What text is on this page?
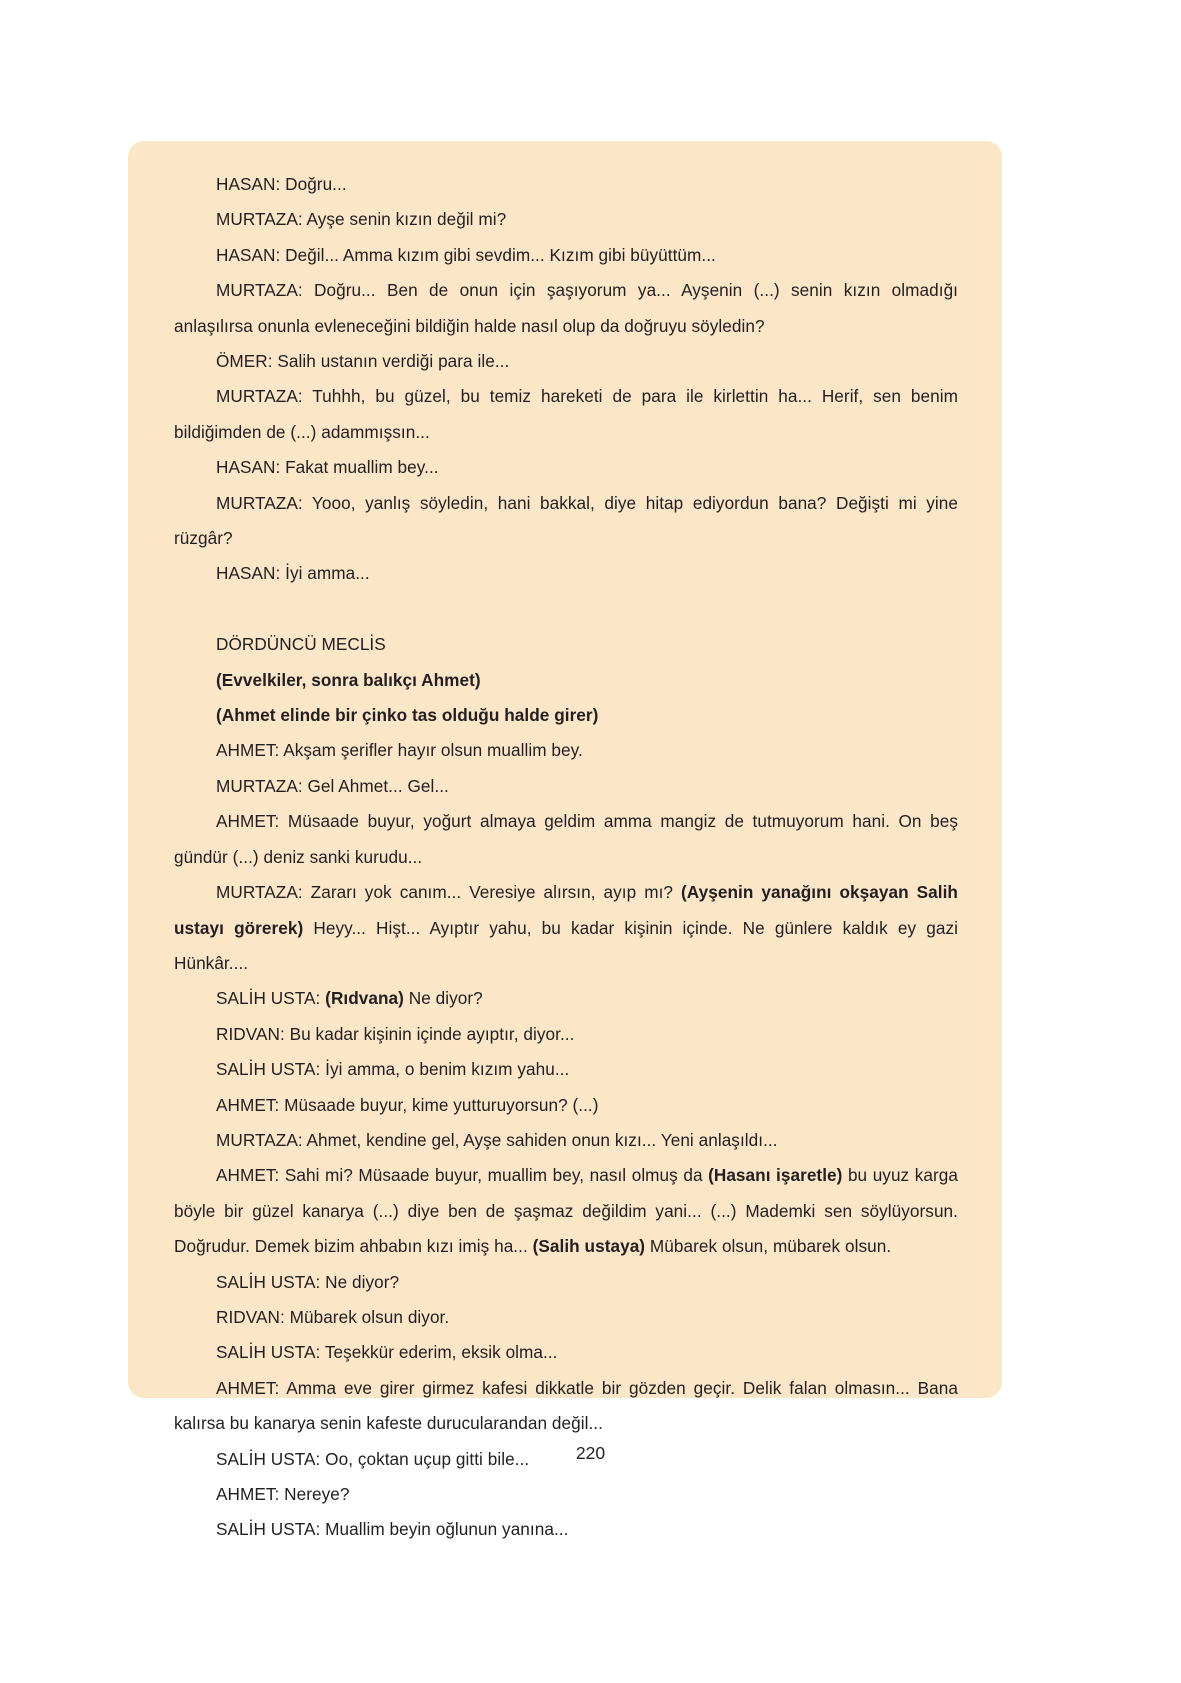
HASAN: Doğru...

MURTAZA: Ayşe senin kızın değil mi?

HASAN: Değil... Amma kızım gibi sevdim... Kızım gibi büyüttüm...

MURTAZA: Doğru... Ben de onun için şaşıyorum ya... Ayşenin (...) senin kızın olmadığı anlaşılırsa onunla evleneceğini bildiğin halde nasıl olup da doğruyu söyledin?

ÖMER: Salih ustanın verdiği para ile...

MURTAZA: Tuhhh, bu güzel, bu temiz hareketi de para ile kirlettin ha... Herif, sen benim bildiğimden de (...) adammışsın...

HASAN: Fakat muallim bey...

MURTAZA: Yooo, yanlış söyledin, hani bakkal, diye hitap ediyordun bana? Değişti mi yine rüzgâr?

HASAN: İyi amma...

DÖRDÜNCÜ MECLİS

(Evvelkiler, sonra balıkçı Ahmet)

(Ahmet elinde bir çinko tas olduğu halde girer)

AHMET: Akşam şerifler hayır olsun muallim bey.

MURTAZA: Gel Ahmet... Gel...

AHMET: Müsaade buyur, yoğurt almaya geldim amma mangiz de tutmuyorum hani. On beş gündür (...) deniz sanki kurudu...

MURTAZA: Zararı yok canım... Veresiye alırsın, ayıp mı? (Ayşenin yanağını okşayan Salih ustayı görerek) Heyy... Hişt... Ayıptır yahu, bu kadar kişinin içinde. Ne günlere kaldık ey gazi Hünkâr....

SALİH USTA: (Rıdvana) Ne diyor?

RIDVAN: Bu kadar kişinin içinde ayıptır, diyor...

SALİH USTA: İyi amma, o benim kızım yahu...

AHMET: Müsaade buyur, kime yutturuyorsun? (...)

MURTAZA: Ahmet, kendine gel, Ayşe sahiden onun kızı... Yeni anlaşıldı...

AHMET: Sahi mi? Müsaade buyur, muallim bey, nasıl olmuş da (Hasanı işaretle) bu uyuz karga böyle bir güzel kanarya (...) diye ben de şaşmaz değildim yani... (...) Mademki sen söylüyorsun. Doğrudur. Demek bizim ahbabın kızı imiş ha... (Salih ustaya) Mübarek olsun, mübarek olsun.

SALİH USTA: Ne diyor?

RIDVAN: Mübarek olsun diyor.

SALİH USTA: Teşekkür ederim, eksik olma...

AHMET: Amma eve girer girmez kafesi dikkatle bir gözden geçir. Delik falan olmasın... Bana kalırsa bu kanarya senin kafeste durucularandan değil...

SALİH USTA: Oo, çoktan uçup gitti bile...

AHMET: Nereye?

SALİH USTA: Muallim beyin oğlunun yanına...

220
